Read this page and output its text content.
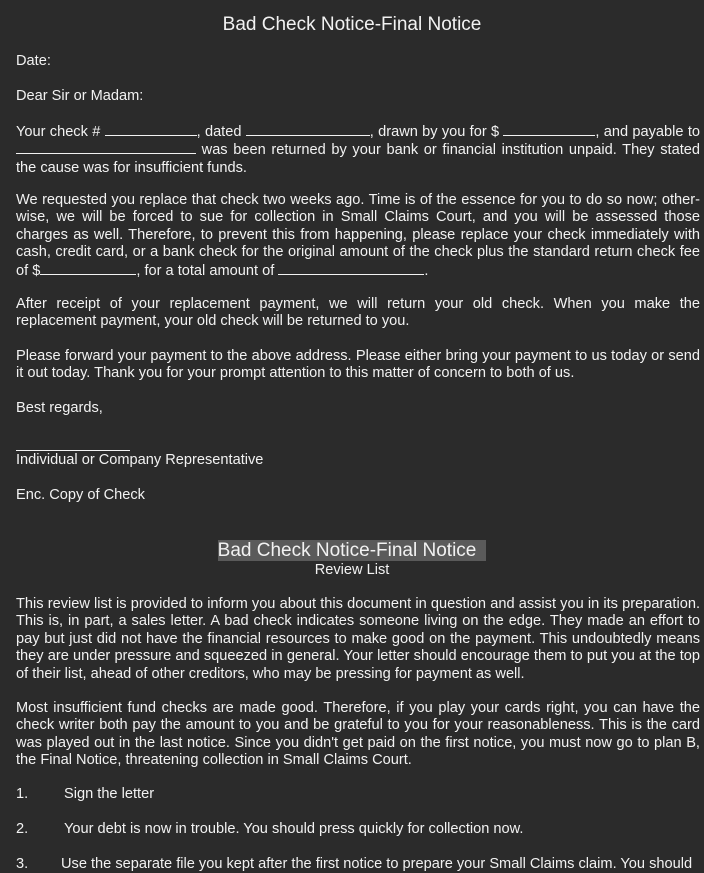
Bad Check Notice-Final Notice
Date:
Dear Sir or Madam:

Your check #	, dated	, drawn by you for $	, and payable to  was been returned by your bank or financial institution unpaid. They stated the cause was for insufficient funds.

We requested you replace that check two weeks ago. Time is of the essence for you to do so now; other-wise, we will be forced to sue for collection in Small Claims Court, and you will be assessed those charges as well. Therefore, to prevent this from happening, please replace your check immediately with cash, credit card, or a bank check for the original amount of the check plus the standard return check fee of $	, for a total amount of	.

After receipt of your replacement payment, we will return your old check. When you make the replacement payment, your old check will be returned to you.

Please forward your payment to the above address. Please either bring your payment to us today or send it out today. Thank you for your prompt attention to this matter of concern to both of us.

Best regards,
Individual or Company Representative
Enc. Copy of Check
Bad Check Notice-Final Notice
Review List

This review list is provided to inform you about this document in question and assist you in its preparation. This is, in part, a sales letter. A bad check indicates someone living on the edge. They made an effort to pay but just did not have the financial resources to make good on the payment. This undoubtedly means they are under pressure and squeezed in general. Your letter should encourage them to put you at the top of their list, ahead of other creditors, who may be pressing for payment as well.

Most insufficient fund checks are made good. Therefore, if you play your cards right, you can have the check writer both pay the amount to you and be grateful to you for your reasonableness. This is the card was played out in the last notice. Since you didn't get paid on the first notice, you must now go to plan B, the Final Notice, threatening collection in Small Claims Court.

1.	Sign the letter
2.	Your debt is now in trouble. You should press quickly for collection now.
3.	Use the separate file you kept after the first notice to prepare your Small Claims claim. You should
